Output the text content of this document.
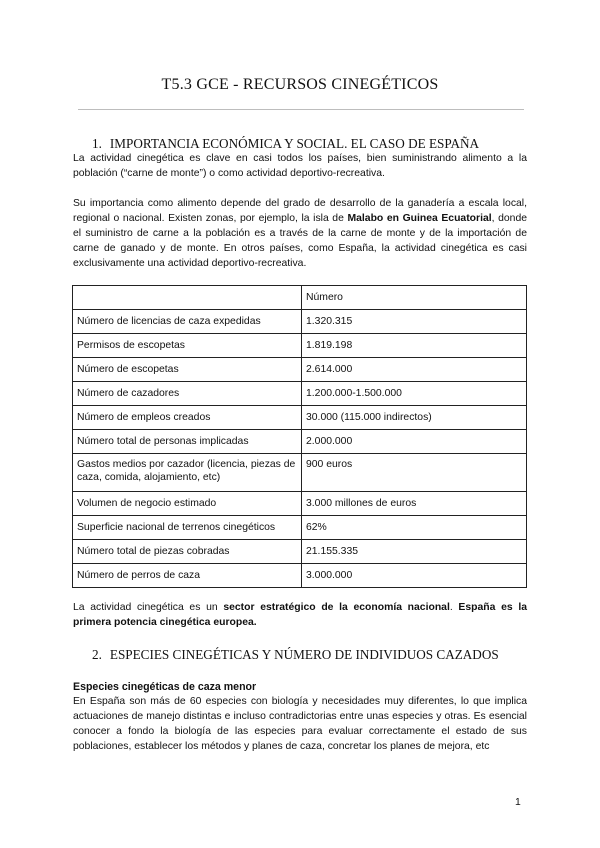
T5.3 GCE - RECURSOS CINEGÉTICOS
1. IMPORTANCIA ECONÓMICA Y SOCIAL. EL CASO DE ESPAÑA

La actividad cinegética es clave en casi todos los países, bien suministrando alimento a la población (“carne de monte”) o como actividad deportivo-recreativa.

Su importancia como alimento depende del grado de desarrollo de la ganadería a escala local, regional o nacional. Existen zonas, por ejemplo, la isla de Malabo en Guinea Ecuatorial, donde el suministro de carne a la población es a través de la carne de monte y de la importación de carne de ganado y de monte. En otros países, como España, la actividad cinegética es casi exclusivamente una actividad deportivo-recreativa.

	Número
Número de licencias de caza expedidas	1.320.315
Permisos de escopetas	1.819.198
Número de escopetas	2.614.000
Número de cazadores	1.200.000-1.500.000
Número de empleos creados	30.000 (115.000 indirectos)
Número total de personas implicadas	2.000.000
Gastos medios por cazador (licencia, piezas de caza, comida, alojamiento, etc)	900 euros
Volumen de negocio estimado	3.000 millones de euros
Superficie nacional de terrenos cinegéticos	62%
Número total de piezas cobradas	21.155.335
Número de perros de caza	3.000.000

La actividad cinegética es un sector estratégico de la economía nacional. España es la primera potencia cinegética europea.

2. ESPECIES CINEGÉTICAS Y NÚMERO DE INDIVIDUOS CAZADOS
Especies cinegéticas de caza menor

En España son más de 60 especies con biología y necesidades muy diferentes, lo que implica actuaciones de manejo distintas e incluso contradictorias entre unas especies y otras. Es esencial conocer a fondo la biología de las especies para evaluar correctamente el estado de sus poblaciones, establecer los métodos y planes de caza, concretar los planes de mejora, etc

1
